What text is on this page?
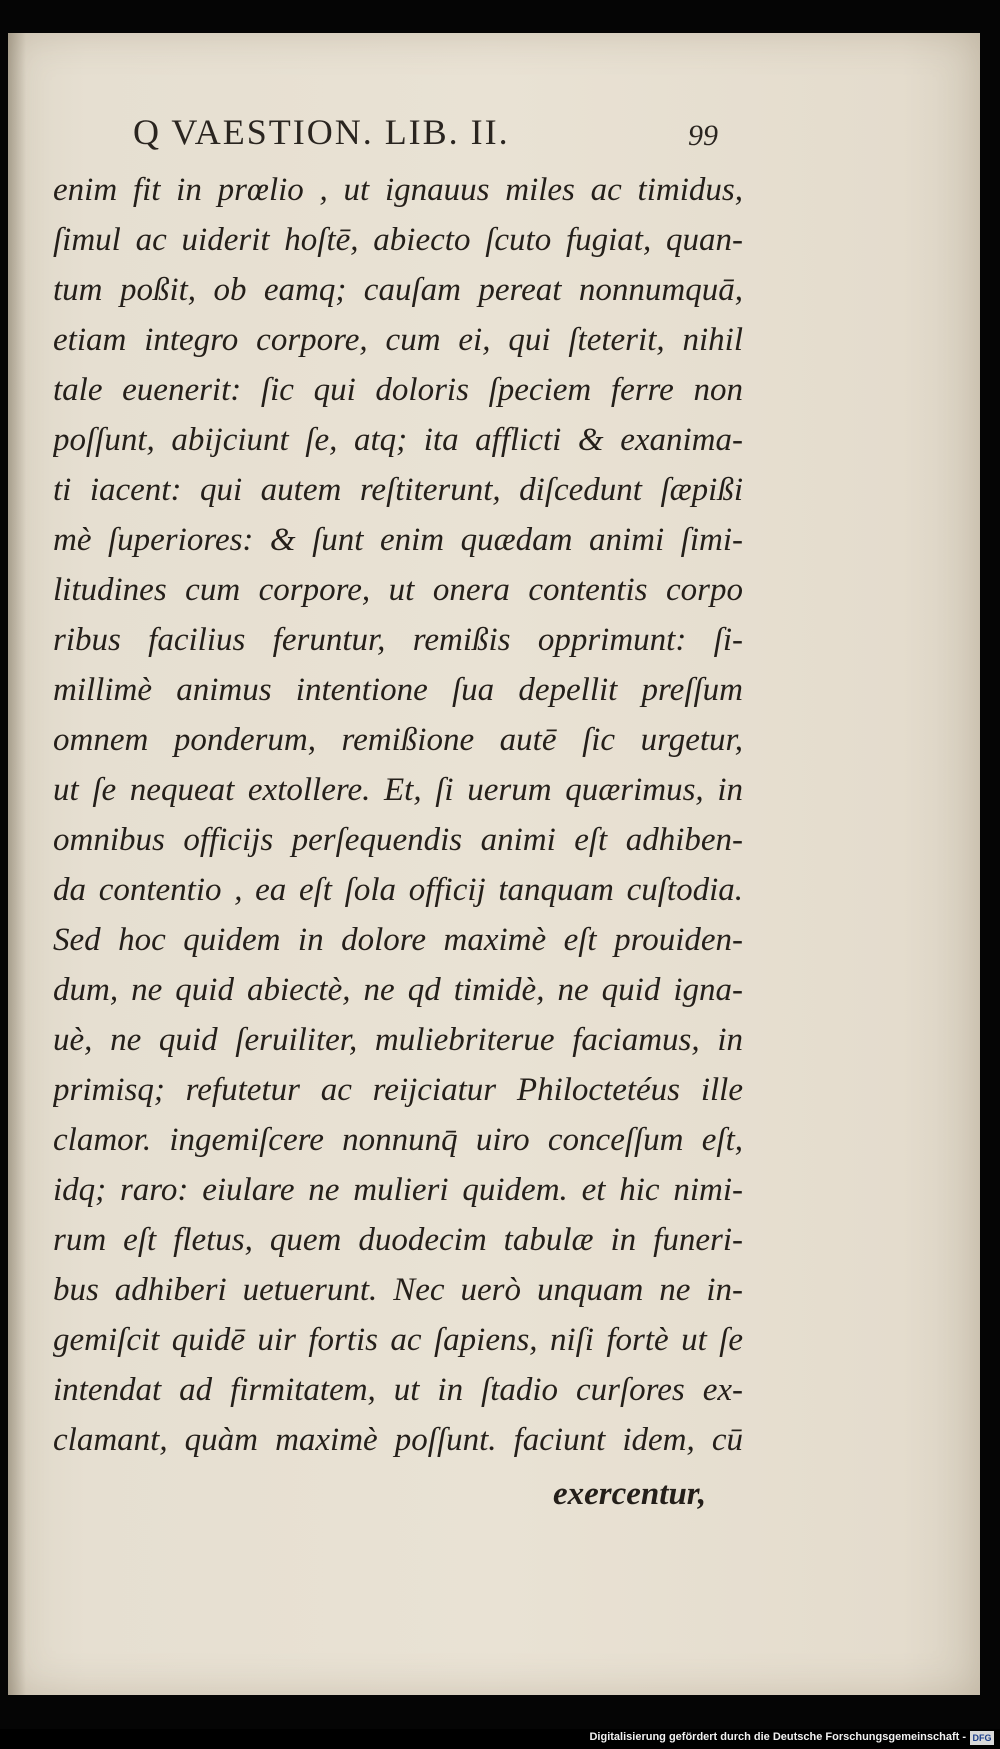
Q VAESTION. LIB. II.	99
enim fit in prœlio , ut ignauus miles ac timidus,
ſimul ac uiderit hoſtē, abiecto ſcuto fugiat, quan-
tum poßit, ob eamq; cauſam pereat nonnumquā,
etiam integro corpore, cum ei, qui ſteterit, nihil
tale euenerit: ſic qui doloris ſpeciem ferre non
poſſunt, abijciunt ſe, atq; ita afflicti & exanima-
ti iacent: qui autem reſtiterunt, diſcedunt ſæpißi
mè ſuperiores: & ſunt enim quædam animi ſimi-
litudines cum corpore, ut onera contentis corpo
ribus facilius feruntur, remißis opprimunt: ſi-
millimè animus intentione ſua depellit preſſum
omnem ponderum, remißione autē ſic urgetur,
ut ſe nequeat extollere. Et, ſi uerum quærimus, in
omnibus officijs perſequendis animi eſt adhiben-
da contentio , ea eſt ſola officij tanquam cuſtodia.
Sed hoc quidem in dolore maximè eſt prouiden-
dum, ne quid abiectè, ne qd timidè, ne quid igna-
uè, ne quid ſeruiliter, muliebriterue faciamus, in
primisq; refutetur ac reijciatur Philoctetéus ille
clamor. ingemiſcere nonnunq̄ uiro conceſſum eſt,
idq; raro: eiulare ne mulieri quidem. et hic nimi-
rum eſt fletus, quem duodecim tabulæ in funeri-
bus adhiberi uetuerunt. Nec uerò unquam ne in-
gemiſcit quidē uir fortis ac ſapiens, niſi fortè ut ſe
intendat ad firmitatem, ut in ſtadio curſores ex-
clamant, quàm maximè poſſunt. faciunt idem, cū
exercentur,
Digitalisierung gefördert durch die Deutsche Forschungsgemeinschaft - DFG
